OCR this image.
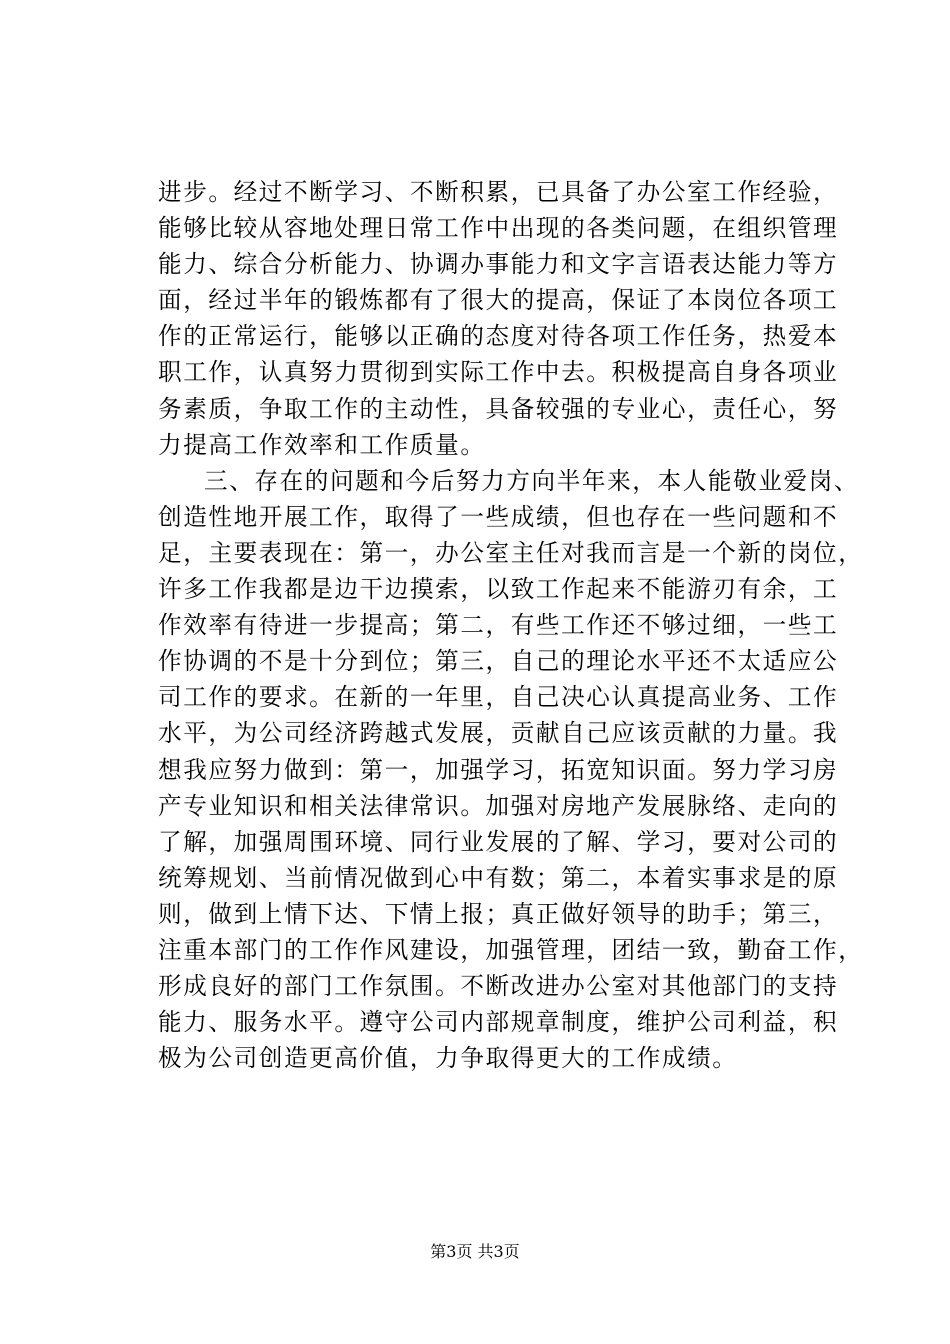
进步。经过不断学习、不断积累，已具备了办公室工作经验，
能够比较从容地处理日常工作中出现的各类问题，在组织管理
能力、综合分析能力、协调办事能力和文字言语表达能力等方
面，经过半年的锻炼都有了很大的提高，保证了本岗位各项工
作的正常运行，能够以正确的态度对待各项工作任务，热爱本
职工作，认真努力贯彻到实际工作中去。积极提高自身各项业
务素质，争取工作的主动性，具备较强的专业心，责任心，努
力提高工作效率和工作质量。
三、存在的问题和今后努力方向半年来，本人能敬业爱岗、
创造性地开展工作，取得了一些成绩，但也存在一些问题和不
足，主要表现在：第一，办公室主任对我而言是一个新的岗位，
许多工作我都是边干边摸索，以致工作起来不能游刃有余，工
作效率有待进一步提高；第二，有些工作还不够过细，一些工
作协调的不是十分到位；第三，自己的理论水平还不太适应公
司工作的要求。在新的一年里，自己决心认真提高业务、工作
水平，为公司经济跨越式发展，贡献自己应该贡献的力量。我
想我应努力做到：第一，加强学习，拓宽知识面。努力学习房
产专业知识和相关法律常识。加强对房地产发展脉络、走向的
了解，加强周围环境、同行业发展的了解、学习，要对公司的
统筹规划、当前情况做到心中有数；第二，本着实事求是的原
则，做到上情下达、下情上报；真正做好领导的助手；第三，
注重本部门的工作作风建设，加强管理，团结一致，勤奋工作，
形成良好的部门工作氛围。不断改进办公室对其他部门的支持
能力、服务水平。遵守公司内部规章制度，维护公司利益，积
极为公司创造更高价值，力争取得更大的工作成绩。
第3页 共3页
